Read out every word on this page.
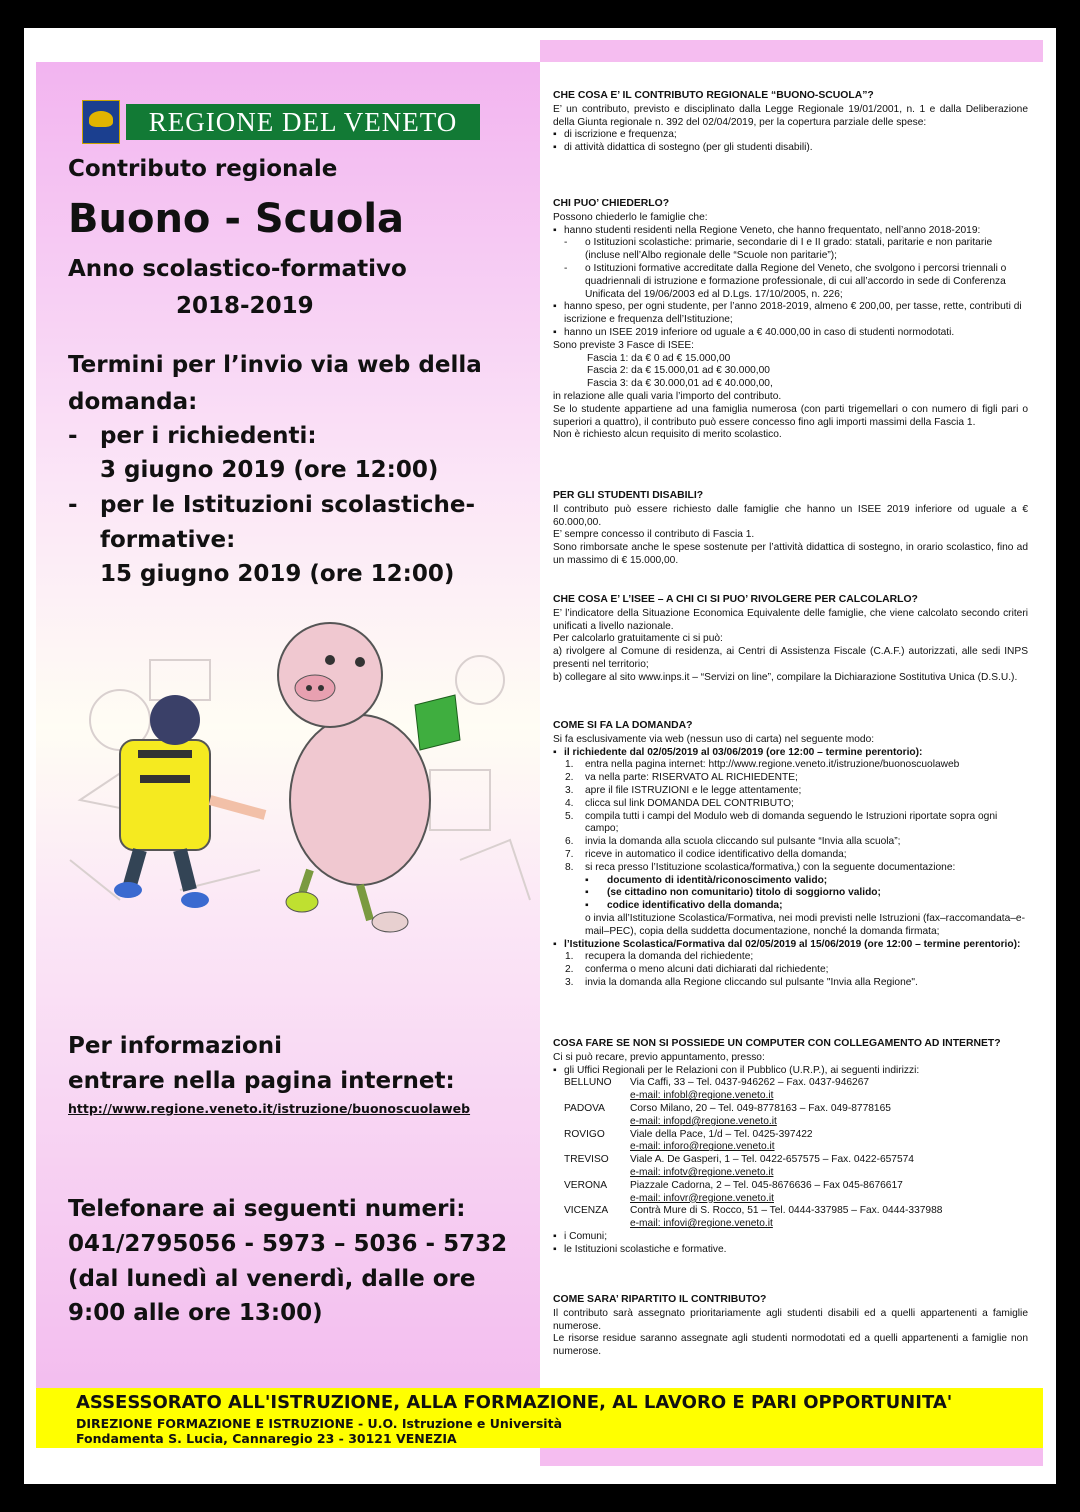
REGIONE DEL VENETO
Contributo regionale
Buono - Scuola
Anno scolastico-formativo
2018-2019
Termini per l’invio via web della
domanda:
- per i richiedenti:
3 giugno 2019 (ore 12:00)
- per le Istituzioni scolastiche-
formative:
15 giugno 2019 (ore 12:00)
Per informazioni
entrare nella pagina internet:
http://www.regione.veneto.it/istruzione/buonoscuolaweb
Telefonare ai seguenti numeri:
041/2795056 - 5973 – 5036 - 5732
(dal lunedì al venerdì, dalle ore
9:00 alle ore 13:00)
CHE COSA E’ IL CONTRIBUTO REGIONALE “BUONO-SCUOLA”?

E’ un contributo, previsto e disciplinato dalla Legge Regionale 19/01/2001, n. 1 e dalla Deliberazione della Giunta regionale n. 392 del 02/04/2019, per la copertura parziale delle spese:

▪ di iscrizione e frequenza;
▪ di attività didattica di sostegno (per gli studenti disabili).
CHI PUO’ CHIEDERLO?

Possono chiederlo le famiglie che:

▪ hanno studenti residenti nella Regione Veneto, che hanno frequentato, nell’anno 2018-2019:
- o Istituzioni scolastiche: primarie, secondarie di I e II grado: statali, paritarie e non paritarie (incluse nell’Albo regionale delle “Scuole non paritarie”);
- o Istituzioni formative accreditate dalla Regione del Veneto, che svolgono i percorsi triennali o quadriennali di istruzione e formazione professionale, di cui all’accordo in sede di Conferenza Unificata del 19/06/2003 ed al D.Lgs. 17/10/2005, n. 226;
▪ hanno speso, per ogni studente, per l’anno 2018-2019, almeno € 200,00, per tasse, rette, contributi di iscrizione e frequenza dell’Istituzione;
▪ hanno un ISEE 2019 inferiore od uguale a € 40.000,00 in caso di studenti normodotati.

Sono previste 3 Fasce di ISEE:

Fascia 1: da € 0 ad € 15.000,00
Fascia 2: da € 15.000,01 ad € 30.000,00
Fascia 3: da € 30.000,01 ad € 40.000,00,

in relazione alle quali varia l’importo del contributo.

Se lo studente appartiene ad una famiglia numerosa (con parti trigemellari o con numero di figli pari o superiori a quattro), il contributo può essere concesso fino agli importi massimi della Fascia 1.

Non è richiesto alcun requisito di merito scolastico.

PER GLI STUDENTI DISABILI?

Il contributo può essere richiesto dalle famiglie che hanno un ISEE 2019 inferiore od uguale a € 60.000,00.

E’ sempre concesso il contributo di Fascia 1.

Sono rimborsate anche le spese sostenute per l’attività didattica di sostegno, in orario scolastico, fino ad un massimo di € 15.000,00.

CHE COSA E’ L’ISEE – A CHI CI SI PUO’ RIVOLGERE PER CALCOLARLO?

E’ l’indicatore della Situazione Economica Equivalente delle famiglie, che viene calcolato secondo criteri unificati a livello nazionale.

Per calcolarlo gratuitamente ci si può:

a) rivolgere al Comune di residenza, ai Centri di Assistenza Fiscale (C.A.F.) autorizzati, alle sedi INPS presenti nel territorio;

b) collegare al sito www.inps.it – “Servizi on line”, compilare la Dichiarazione Sostitutiva Unica (D.S.U.).

COME SI FA LA DOMANDA?

Si fa esclusivamente via web (nessun uso di carta) nel seguente modo:

▪ il richiedente dal 02/05/2019 al 03/06/2019 (ore 12:00 – termine perentorio):
1. entra nella pagina internet: http://www.regione.veneto.it/istruzione/buonoscuolaweb
2. va nella parte: RISERVATO AL RICHIEDENTE;
3. apre il file ISTRUZIONI e le legge attentamente;
4. clicca sul link DOMANDA DEL CONTRIBUTO;
5. compila tutti i campi del Modulo web di domanda seguendo le Istruzioni riportate sopra ogni campo;
6. invia la domanda alla scuola cliccando sul pulsante “Invia alla scuola”;
7. riceve in automatico il codice identificativo della domanda;
8. si reca presso l’Istituzione scolastica/formativa,) con la seguente documentazione:
▪ documento di identità/riconoscimento valido;
▪ (se cittadino non comunitario) titolo di soggiorno valido;
▪ codice identificativo della domanda;
o invia all’Istituzione Scolastica/Formativa, nei modi previsti nelle Istruzioni (fax–raccomandata–e-mail–PEC), copia della suddetta documentazione, nonché la domanda firmata;
▪ l’Istituzione Scolastica/Formativa dal 02/05/2019 al 15/06/2019 (ore 12:00 – termine perentorio):
1. recupera la domanda del richiedente;
2. conferma o meno alcuni dati dichiarati dal richiedente;
3. invia la domanda alla Regione cliccando sul pulsante "Invia alla Regione".
COSA FARE SE NON SI POSSIEDE UN COMPUTER CON COLLEGAMENTO AD INTERNET?

Ci si può recare, previo appuntamento, presso:

▪ gli Uffici Regionali per le Relazioni con il Pubblico (U.R.P.), ai seguenti indirizzi:
BELLUNO	Via Caffi, 33 – Tel. 0437-946262 – Fax. 0437-946267
e-mail: infobl@regione.veneto.it
PADOVA	Corso Milano, 20 – Tel. 049-8778163 – Fax. 049-8778165
e-mail: infopd@regione.veneto.it
ROVIGO	Viale della Pace, 1/d – Tel. 0425-397422
e-mail: inforo@regione.veneto.it
TREVISO	Viale A. De Gasperi, 1 – Tel. 0422-657575 – Fax. 0422-657574
e-mail: infotv@regione.veneto.it
VERONA	Piazzale Cadorna, 2 – Tel. 045-8676636 – Fax 045-8676617
e-mail: infovr@regione.veneto.it
VICENZA	Contrà Mure di S. Rocco, 51 – Tel. 0444-337985 – Fax. 0444-337988
e-mail: infovi@regione.veneto.it
▪ i Comuni;
▪ le Istituzioni scolastiche e formative.
COME SARA’ RIPARTITO IL CONTRIBUTO?

Il contributo sarà assegnato prioritariamente agli studenti disabili ed a quelli appartenenti a famiglie numerose.

Le risorse residue saranno assegnate agli studenti normodotati ed a quelli appartenenti a famiglie non numerose.

ASSESSORATO ALL'ISTRUZIONE, ALLA FORMAZIONE, AL LAVORO E PARI OPPORTUNITA'
DIREZIONE FORMAZIONE E ISTRUZIONE - U.O. Istruzione e Università
Fondamenta S. Lucia, Cannaregio 23 - 30121 VENEZIA
